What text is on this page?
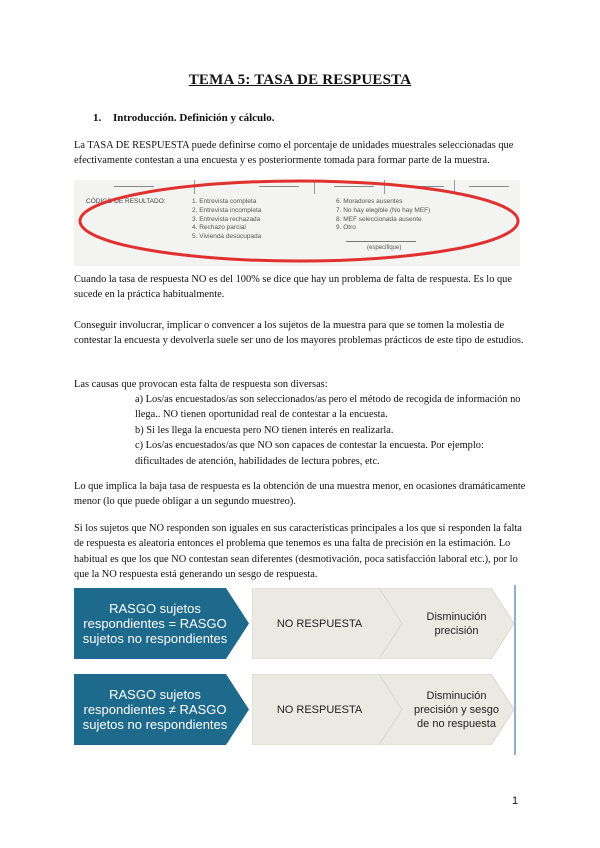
TEMA 5: TASA DE RESPUESTA
1. Introducción. Definición y cálculo.
La TASA DE RESPUESTA puede definirse como el porcentaje de unidades muestrales seleccionadas que efectivamente contestan a una encuesta y es posteriormente tomada para formar parte de la muestra.
CÓDIGO DE RESULTADO:	1. Entrevista completa
2. Entrevista incompleta
3. Entrevista rechazada
4. Rechazo parcial
5. Vivienda desocupada
6. Moradores ausentes
7. No hay elegible (No hay MEF)
8. MEF seleccionada ausente
9. Otro
(especifique)
Cuando la tasa de respuesta NO es del 100% se dice que hay un problema de falta de respuesta. Es lo que sucede en la práctica habitualmente.
Conseguir involucrar, implicar o convencer a los sujetos de la muestra para que se tomen la molestia de contestar la encuesta y devolverla suele ser uno de los mayores problemas prácticos de este tipo de estudios.
Las causas que provocan esta falta de respuesta son diversas:
a) Los/as encuestados/as son seleccionados/as pero el método de recogida de información no llega.. NO tienen oportunidad real de contestar a la encuesta.
b) Si les llega la encuesta pero NO tienen interés en realizarla.
c) Los/as encuestados/as que NO son capaces de contestar la encuesta. Por ejemplo: dificultades de atención, habilidades de lectura pobres, etc.
Lo que implica la baja tasa de respuesta es la obtención de una muestra menor, en ocasiones dramáticamente menor (lo que puede obligar a un segundo muestreo).
Si los sujetos que NO responden son iguales en sus características principales a los que sí responden la falta de respuesta es aleatoria entonces el problema que tenemos es una falta de precisión en la estimación. Lo habitual es que los que NO contestan sean diferentes (desmotivación, poca satisfacción laboral etc.), por lo que la NO respuesta está generando un sesgo de respuesta.
RASGO sujetos respondientes = RASGO sujetos no respondientes
NO RESPUESTA
Disminución precisión
RASGO sujetos respondientes ≠ RASGO sujetos no respondientes
NO RESPUESTA
Disminución precisión y sesgo de no respuesta
1
